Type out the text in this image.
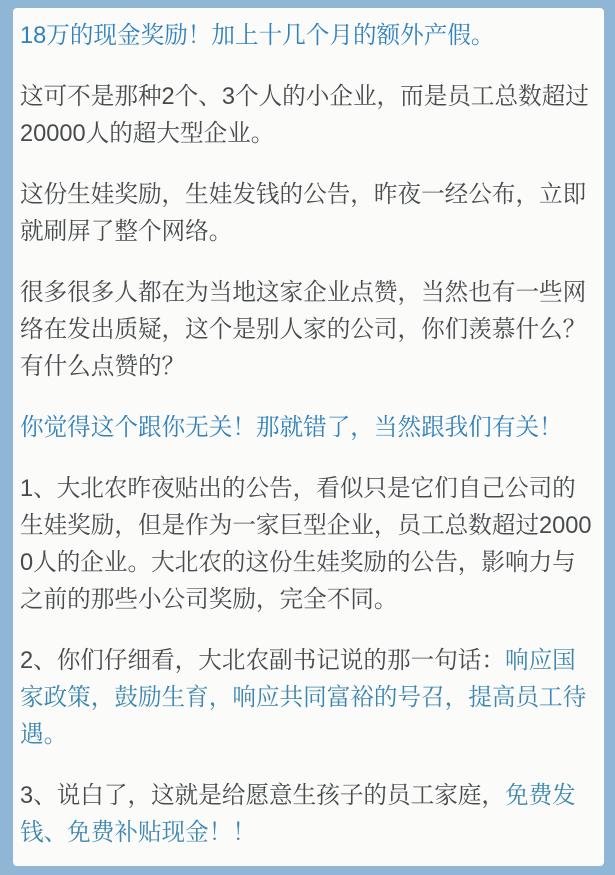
18万的现金奖励！加上十几个月的额外产假。

这可不是那种2个、3个人的小企业，而是员工总数超过20000人的超大型企业。

这份生娃奖励，生娃发钱的公告，昨夜一经公布，立即就刷屏了整个网络。

很多很多人都在为当地这家企业点赞，当然也有一些网络在发出质疑，这个是别人家的公司，你们羡慕什么？有什么点赞的？

你觉得这个跟你无关！那就错了，当然跟我们有关！

1、大北农昨夜贴出的公告，看似只是它们自己公司的生娃奖励，但是作为一家巨型企业，员工总数超过20000人的企业。大北农的这份生娃奖励的公告，影响力与之前的那些小公司奖励，完全不同。

2、你们仔细看，大北农副书记说的那一句话：响应国家政策，鼓励生育，响应共同富裕的号召，提高员工待遇。

3、说白了，这就是给愿意生孩子的员工家庭，免费发钱、免费补贴现金！！
